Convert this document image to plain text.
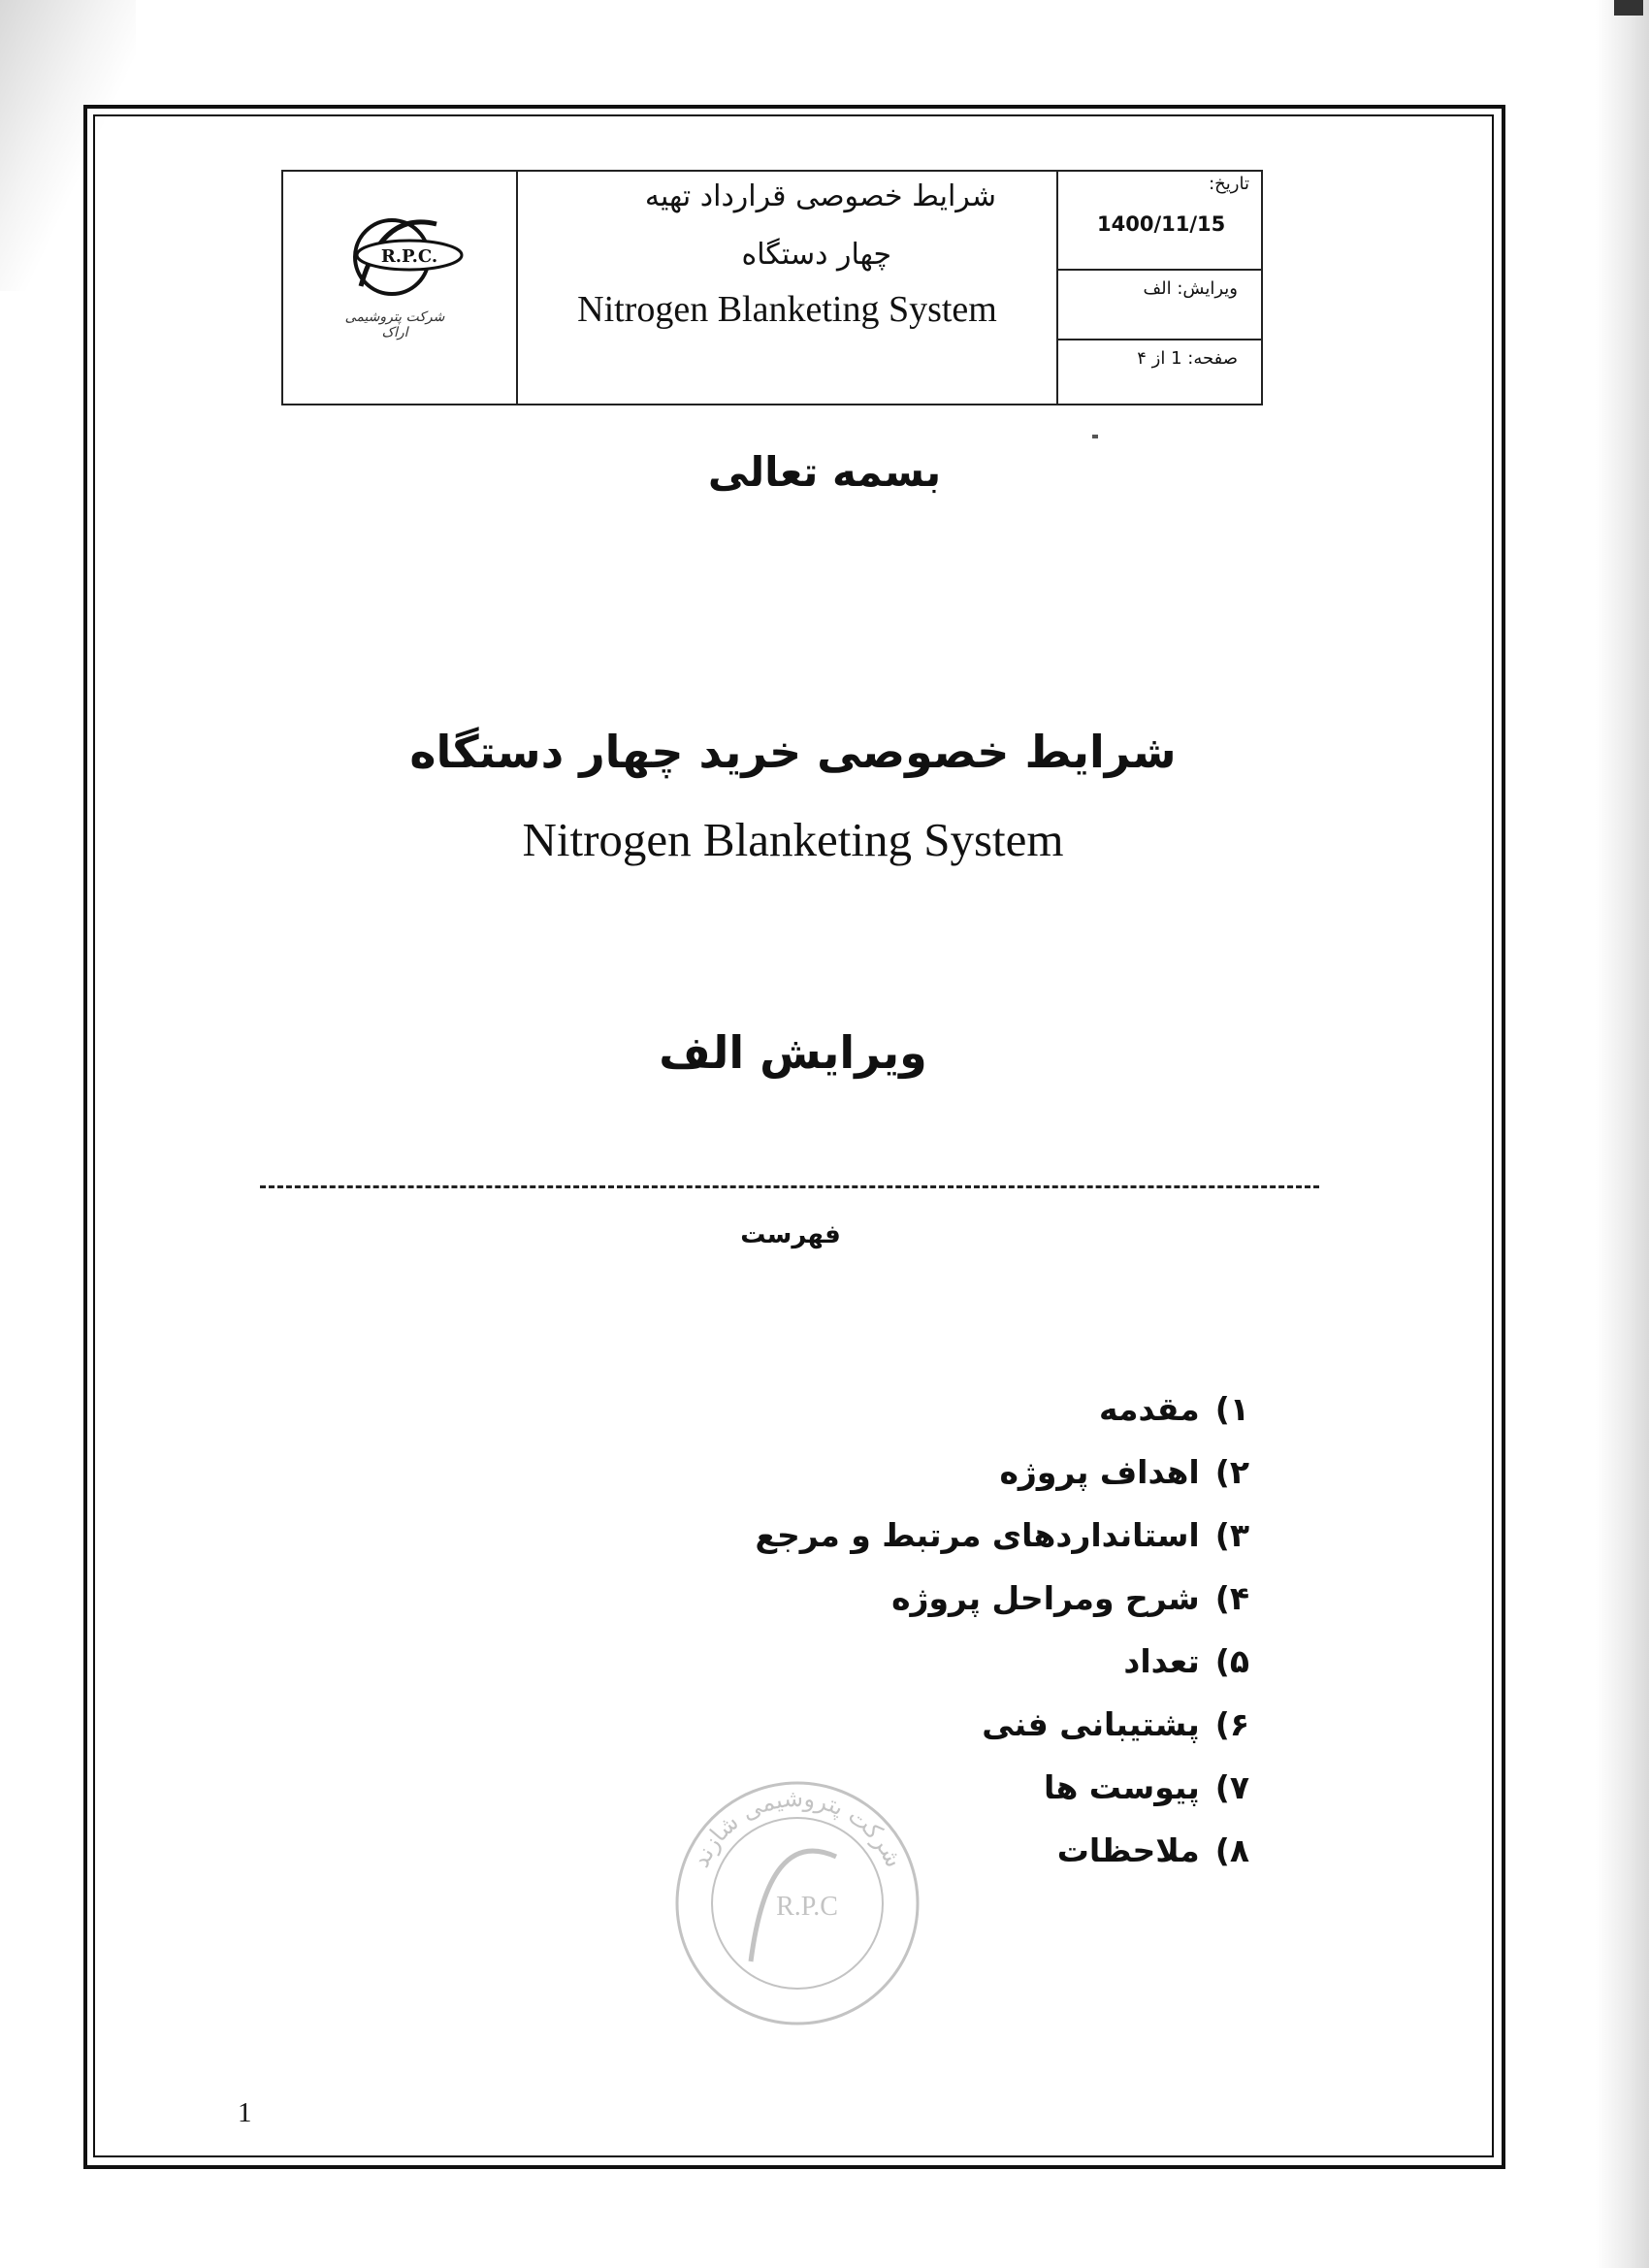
R.P.C.
شرکت پتروشیمی اراک
شرایط خصوصی قرارداد تهیه
چهار دستگاه
Nitrogen Blanketing System
تاریخ:
1400/11/15
ویرایش: الف
صفحه: 1 از ۴
بسمه تعالی
شرایط خصوصی خرید چهار دستگاه
Nitrogen Blanketing System
ویرایش الف
فهرست
۱)مقدمه
۲)اهداف پروژه
۳)استانداردهای مرتبط و مرجع
۴)شرح ومراحل پروژه
۵)تعداد
۶)پشتیبانی فنی
۷)پیوست ها
۸)ملاحظات
شرکت پتروشیمی شازند
R.P.C
1
